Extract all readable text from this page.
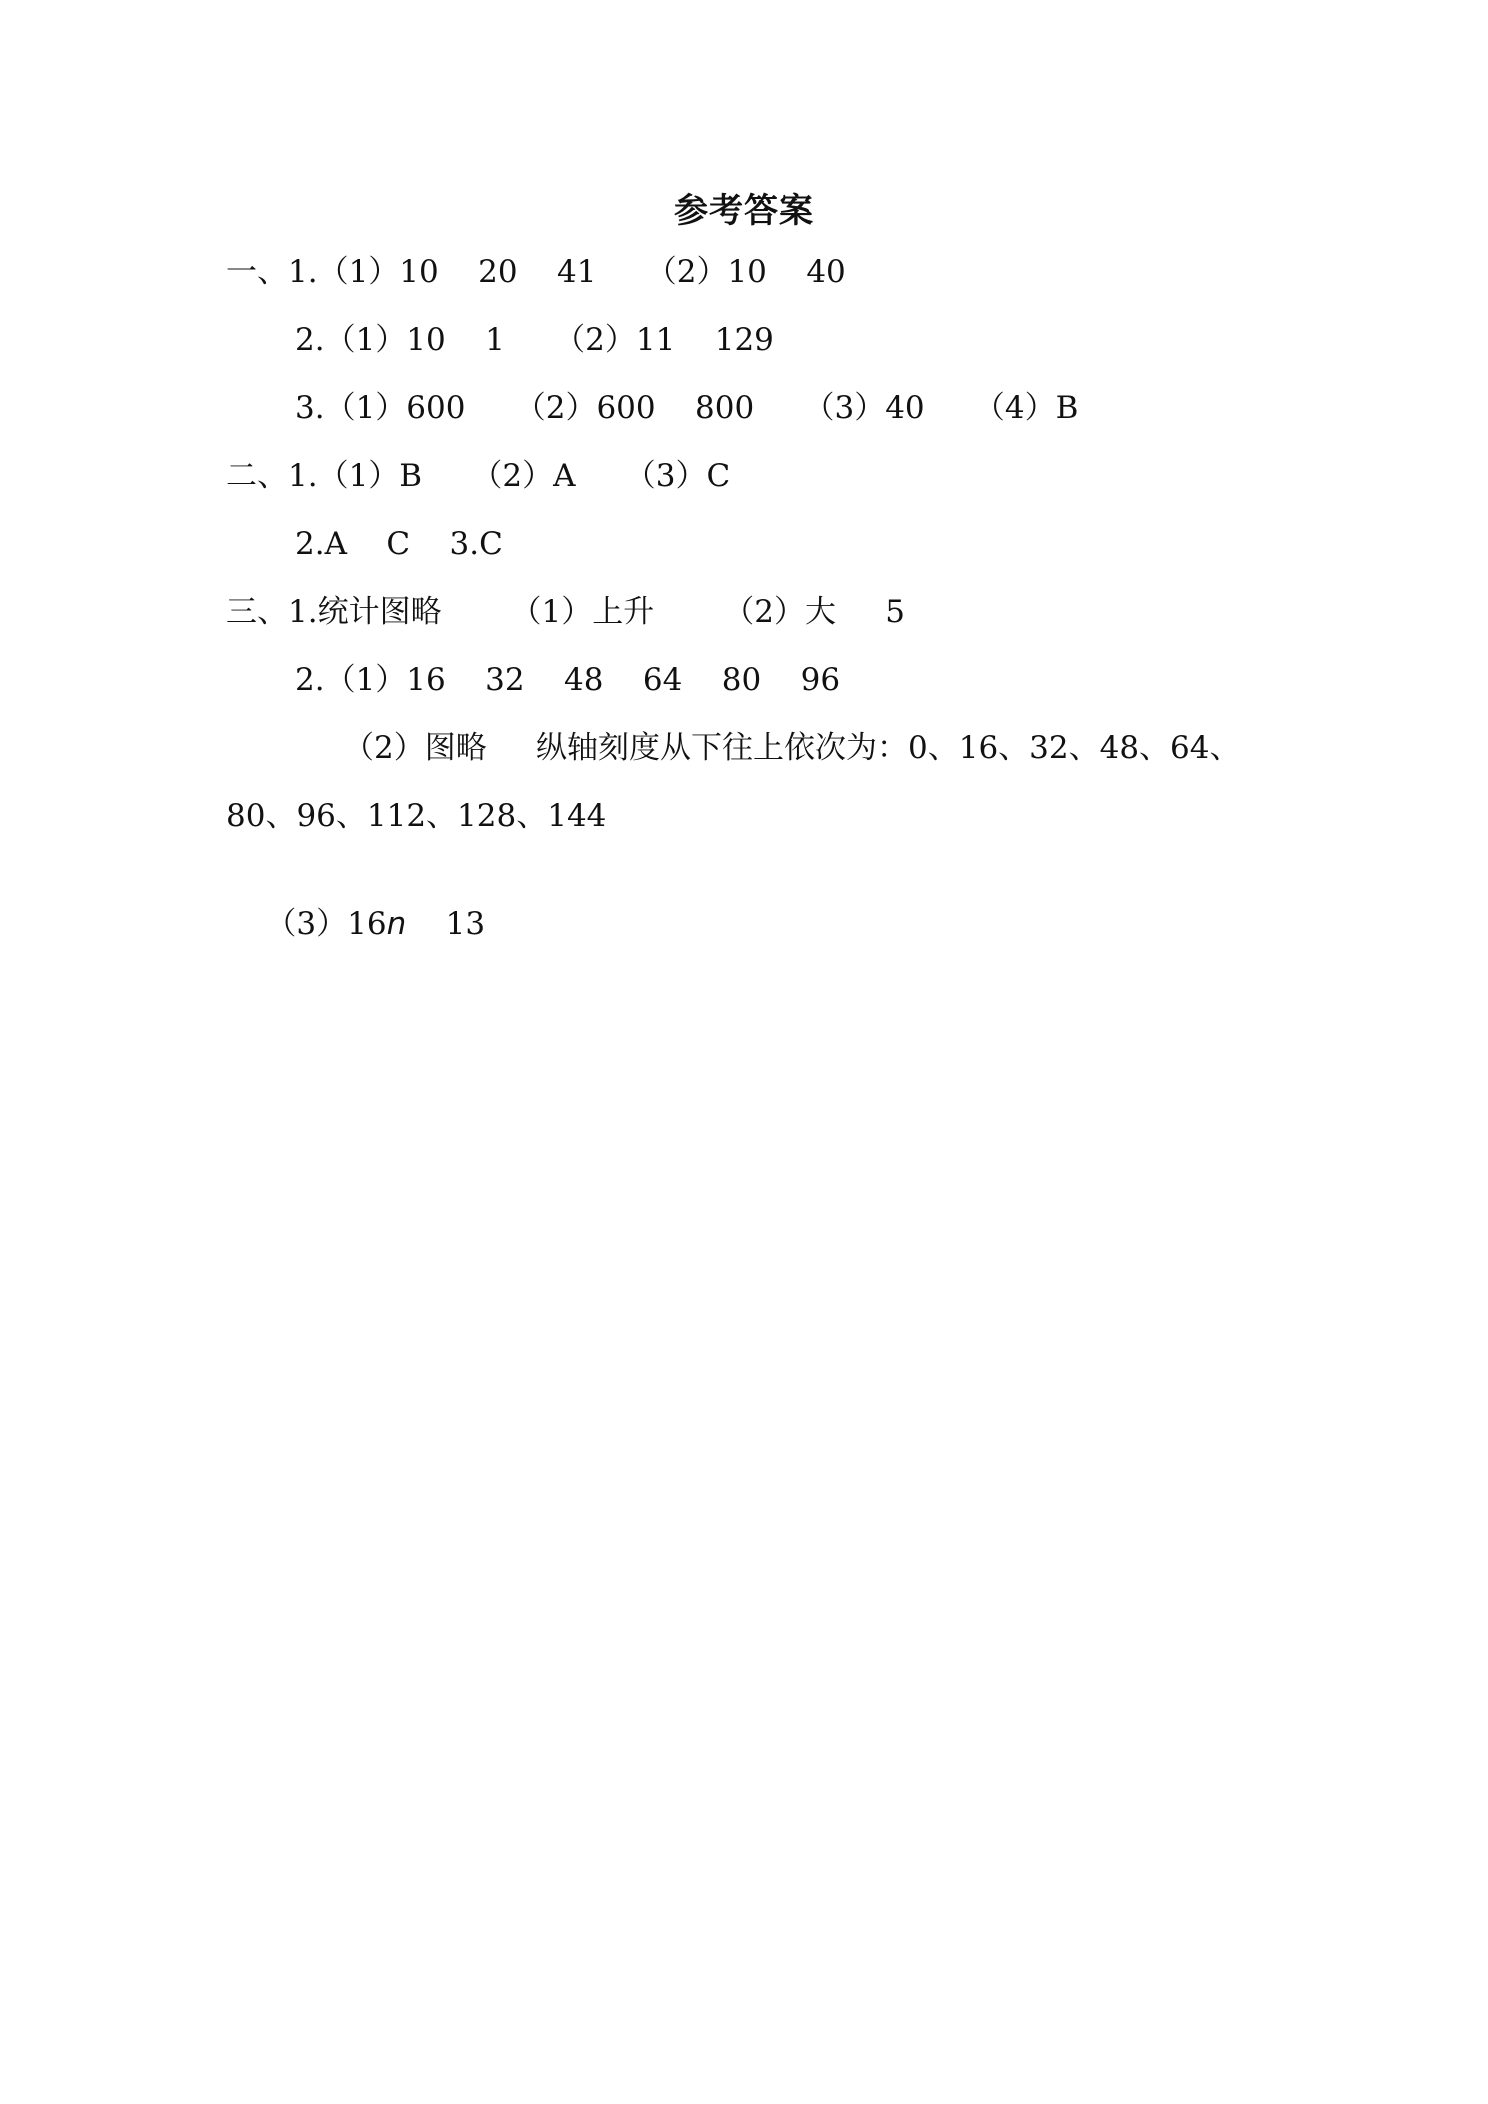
参考答案
一、1.（1）10    20    41     （2）10    40
2.（1）10    1     （2）11    129
3.（1）600     （2）600    800     （3）40     （4）B
二、1.（1）B     （2）A     （3）C
2.A    C    3.C
三、1.统计图略       （1）上升       （2）大     5
2.（1）16    32    48    64    80    96
（2）图略     纵轴刻度从下往上依次为：0、16、32、48、64、
80、96、112、128、144

（3）16n    13
